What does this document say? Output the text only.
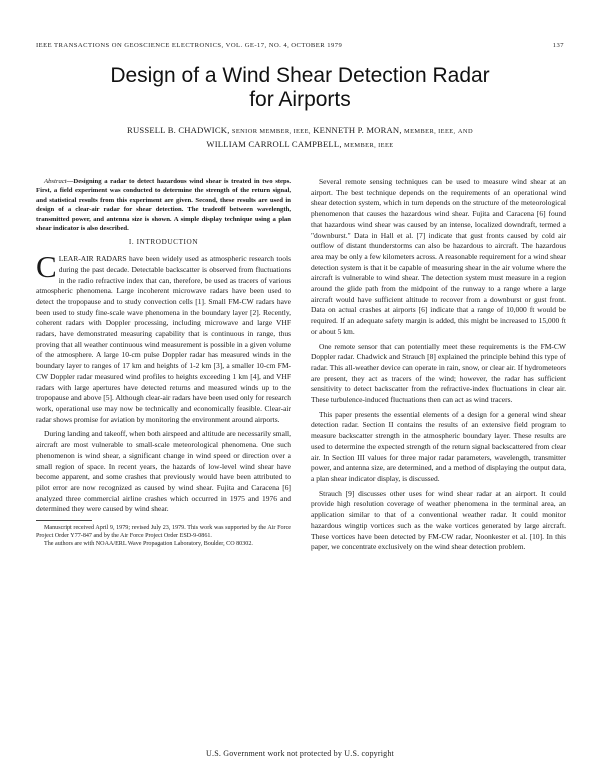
IEEE TRANSACTIONS ON GEOSCIENCE ELECTRONICS, VOL. GE-17, NO. 4, OCTOBER 1979	137
Design of a Wind Shear Detection Radar
for Airports
RUSSELL B. CHADWICK, SENIOR MEMBER, IEEE, KENNETH P. MORAN, MEMBER, IEEE, AND
WILLIAM CARROLL CAMPBELL, MEMBER, IEEE

Abstract—Designing a radar to detect hazardous wind shear is treated in two steps. First, a field experiment was conducted to determine the strength of the return signal, and statistical results from this experiment are given. Second, these results are used in design of a clear-air radar for shear detection. The tradeoff between wavelength, transmitted power, and antenna size is shown. A simple display technique using a plan shear indicator is also described.

I. INTRODUCTION

CLEAR-AIR RADARS have been widely used as atmospheric research tools during the past decade. Detectable backscatter is observed from fluctuations in the radio refractive index that can, therefore, be used as tracers of various atmospheric phenomena. Large incoherent microwave radars have been used to detect the tropopause and to study convection cells [1]. Small FM-CW radars have been used to study fine-scale wave phenomena in the boundary layer [2]. Recently, coherent radars with Doppler processing, including microwave and large VHF radars, have demonstrated measuring capability that is continuous in range, thus proving that all weather continuous wind measurement is possible in a given volume of the atmosphere. A large 10-cm pulse Doppler radar has measured winds in the boundary layer to ranges of 17 km and heights of 1-2 km [3], a smaller 10-cm FM-CW Doppler radar measured wind profiles to heights exceeding 1 km [4], and VHF radars with large apertures have detected returns and measured winds up to the tropopause and above [5]. Although clear-air radars have been used only for research work, operational use may now be technically and economically feasible. Clear-air radar shows promise for aviation by monitoring the environment around airports.

During landing and takeoff, when both airspeed and altitude are necessarily small, aircraft are most vulnerable to small-scale meteorological phenomena. One such phenomenon is wind shear, a significant change in wind speed or direction over a small region of space. In recent years, the hazards of low-level wind shear have become apparent, and some crashes that previously would have been attributed to pilot error are now recognized as caused by wind shear. Fujita and Caracena [6] analyzed three commercial airline crashes which occurred in 1975 and 1976 and determined they were caused by wind shear.

Manuscript received April 9, 1979; revised July 23, 1979. This work was supported by the Air Force Project Order Y77-847 and by the Air Force Project Order ESD-9-0861.

The authors are with NOAA/ERL Wave Propagation Laboratory, Boulder, CO 80302.

Several remote sensing techniques can be used to measure wind shear at an airport. The best technique depends on the requirements of an operational wind shear detection system, which in turn depends on the structure of the meteorological phenomenon that causes the hazardous wind shear. Fujita and Caracena [6] found that hazardous wind shear was caused by an intense, localized downdraft, termed a "downburst." Data in Hall et al. [7] indicate that gust fronts caused by cold air outflow of distant thunderstorms can also be hazardous to aircraft. The hazardous area may be only a few kilometers across. A reasonable requirement for a wind shear detection system is that it be capable of measuring shear in the air volume where the aircraft is vulnerable to wind shear. The detection system must measure in a region around the glide path from the midpoint of the runway to a range where a large aircraft would have sufficient altitude to recover from a downburst or gust front. Data on actual crashes at airports [6] indicate that a range of 10,000 ft would be required. If an adequate safety margin is added, this might be increased to 15,000 ft or about 5 km.

One remote sensor that can potentially meet these requirements is the FM-CW Doppler radar. Chadwick and Strauch [8] explained the principle behind this type of radar. This all-weather device can operate in rain, snow, or clear air. If hydrometeors are present, they act as tracers of the wind; however, the radar has sufficient sensitivity to detect backscatter from the refractive-index fluctuations in clear air. These turbulence-induced fluctuations then can act as wind tracers.

This paper presents the essential elements of a design for a general wind shear detection radar. Section II contains the results of an extensive field program to measure backscatter strength in the atmospheric boundary layer. These results are used to determine the expected strength of the return signal backscattered from clear air. In Section III values for three major radar parameters, wavelength, transmitter power, and antenna size, are determined, and a method of displaying the output data, a plan shear indicator display, is discussed.

Strauch [9] discusses other uses for wind shear radar at an airport. It could provide high resolution coverage of weather phenomena in the terminal area, an application similar to that of a conventional weather radar. It could monitor hazardous wingtip vortices such as the wake vortices generated by large aircraft. These vortices have been detected by FM-CW radar, Noonkester et al. [10]. In this paper, we concentrate exclusively on the wind shear detection problem.

U.S. Government work not protected by U.S. copyright
